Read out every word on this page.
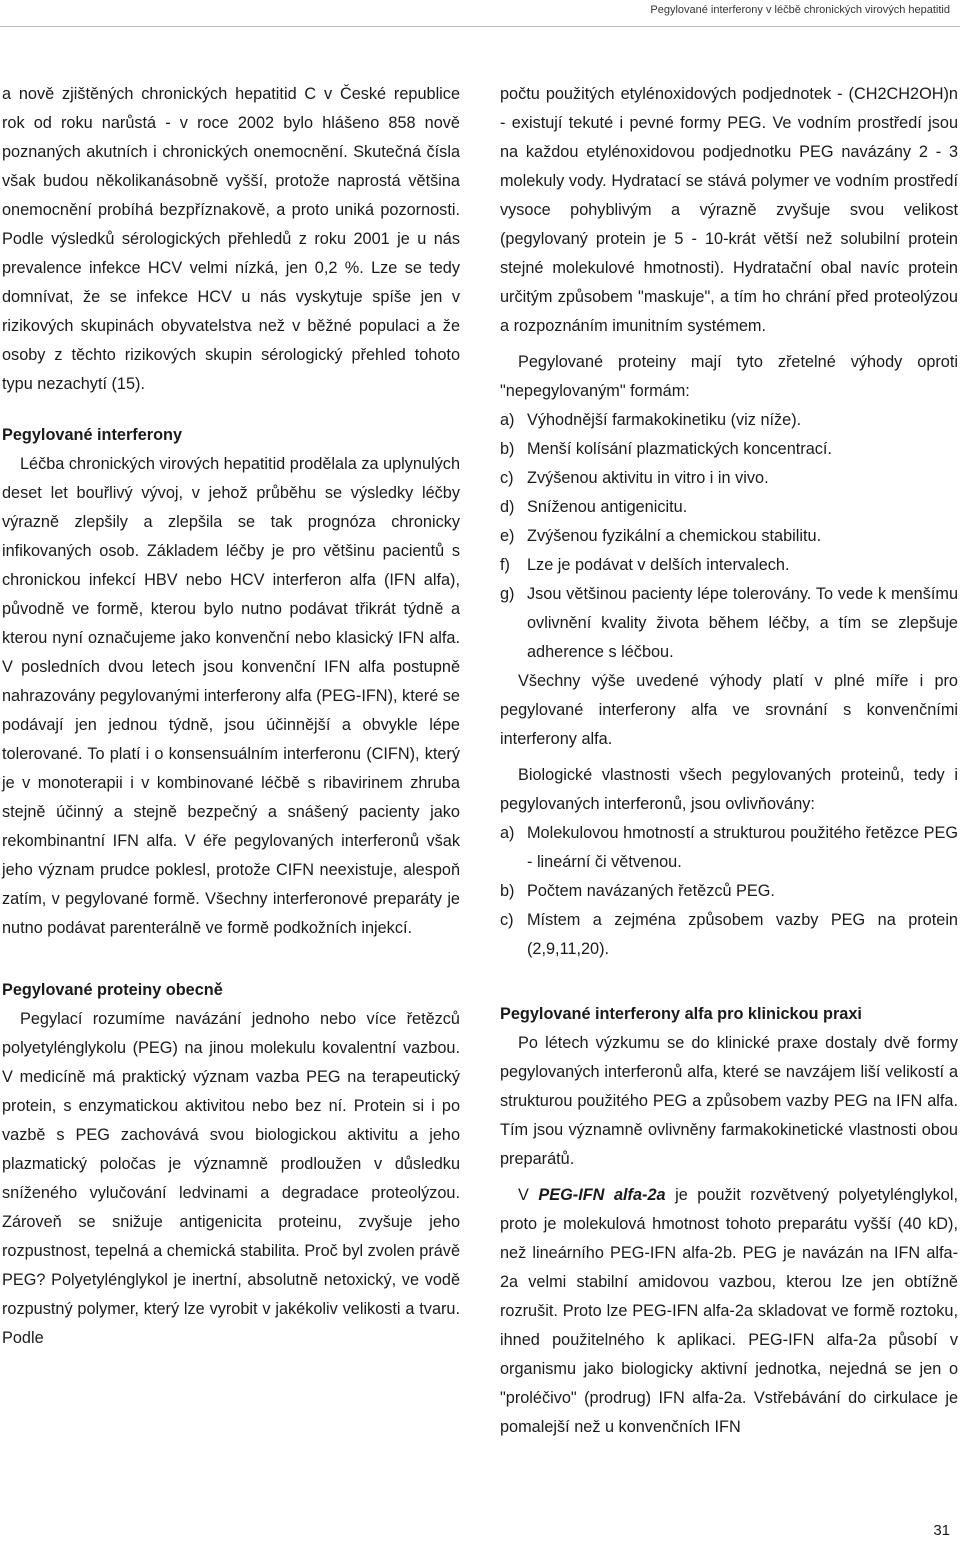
Pegylované interferony v léčbě chronických virových hepatitid

a nově zjištěných chronických hepatitid C v České republice rok od roku narůstá - v roce 2002 bylo hlášeno 858 nově poznaných akutních i chronických onemocnění. Skutečná čísla však budou několikanásobně vyšší, protože naprostá většina onemocnění probíhá bezpříznakově, a proto uniká pozornosti. Podle výsledků sérologických přehledů z roku 2001 je u nás prevalence infekce HCV velmi nízká, jen 0,2 %. Lze se tedy domnívat, že se infekce HCV u nás vyskytuje spíše jen v rizikových skupinách obyvatelstva než v běžné populaci a že osoby z těchto rizikových skupin sérologický přehled tohoto typu nezachytí (15).

Pegylované interferony

Léčba chronických virových hepatitid prodělala za uplynulých deset let bouřlivý vývoj, v jehož průběhu se výsledky léčby výrazně zlepšily a zlepšila se tak prognóza chronicky infikovaných osob. Základem léčby je pro většinu pacientů s chronickou infekcí HBV nebo HCV interferon alfa (IFN alfa), původně ve formě, kterou bylo nutno podávat třikrát týdně a kterou nyní označujeme jako konvenční nebo klasický IFN alfa. V posledních dvou letech jsou konvenční IFN alfa postupně nahrazovány pegylovanými interferony alfa (PEG-IFN), které se podávají jen jednou týdně, jsou účinnější a obvykle lépe tolerované. To platí i o konsensuálním interferonu (CIFN), který je v monoterapii i v kombinované léčbě s ribavirinem zhruba stejně účinný a stejně bezpečný a snášený pacienty jako rekombinantní IFN alfa. V éře pegylovaných interferonů však jeho význam prudce poklesl, protože CIFN neexistuje, alespoň zatím, v pegylované formě. Všechny interferonové preparáty je nutno podávat parenterálně ve formě podkožních injekcí.

Pegylované proteiny obecně

Pegylací rozumíme navázání jednoho nebo více řetězců polyetylénglykolu (PEG) na jinou molekulu kovalentní vazbou. V medicíně má praktický význam vazba PEG na terapeutický protein, s enzymatickou aktivitou nebo bez ní. Protein si i po vazbě s PEG zachovává svou biologickou aktivitu a jeho plazmatický poločas je významně prodloužen v důsledku sníženého vylučování ledvinami a degradace proteolýzou. Zároveň se snižuje antigenicita proteinu, zvyšuje jeho rozpustnost, tepelná a chemická stabilita. Proč byl zvolen právě PEG? Polyetylénglykol je inertní, absolutně netoxický, ve vodě rozpustný polymer, který lze vyrobit v jakékoliv velikosti a tvaru. Podle

počtu použitých etylénoxidových podjednotek - (CH2CH2OH)n - existují tekuté i pevné formy PEG. Ve vodním prostředí jsou na každou etylénoxidovou podjednotku PEG navázány 2 - 3 molekuly vody. Hydratací se stává polymer ve vodním prostředí vysoce pohyblivým a výrazně zvyšuje svou velikost (pegylovaný protein je 5 - 10-krát větší než solubilní protein stejné molekulové hmotnosti). Hydratační obal navíc protein určitým způsobem "maskuje", a tím ho chrání před proteolýzou a rozpoznáním imunitním systémem.

Pegylované proteiny mají tyto zřetelné výhody oproti "nepegylovaným" formám:

a) Výhodnější farmakokinetiku (viz níže).
b) Menší kolísání plazmatických koncentrací.
c) Zvýšenou aktivitu in vitro i in vivo.
d) Sníženou antigenicitu.
e) Zvýšenou fyzikální a chemickou stabilitu.
f)	Lze je podávat v delších intervalech.
g) Jsou většinou pacienty lépe tolerovány. To vede k menšímu ovlivnění kvality života během léčby, a tím se zlepšuje adherence s léčbou.

Všechny výše uvedené výhody platí v plné míře i pro pegylované interferony alfa ve srovnání s konvenčními interferony alfa.

Biologické vlastnosti všech pegylovaných proteinů, tedy i pegylovaných interferonů, jsou ovlivňovány:

a) Molekulovou hmotností a strukturou použitého řetězce PEG - lineární či větvenou.
b) Počtem navázaných řetězců PEG.
c) Místem a zejména způsobem vazby PEG na protein (2,9,11,20).
Pegylované interferony alfa pro klinickou praxi

Po létech výzkumu se do klinické praxe dostaly dvě formy pegylovaných interferonů alfa, které se navzájem liší velikostí a strukturou použitého PEG a způsobem vazby PEG na IFN alfa. Tím jsou významně ovlivněny farmakokinetické vlastnosti obou preparátů.

V PEG-IFN alfa-2a je použit rozvětvený polyetylénglykol, proto je molekulová hmotnost tohoto preparátu vyšší (40 kD), než lineárního PEG-IFN alfa-2b. PEG je navázán na IFN alfa-2a velmi stabilní amidovou vazbou, kterou lze jen obtížně rozrušit. Proto lze PEG-IFN alfa-2a skladovat ve formě roztoku, ihned použitelného k aplikaci. PEG-IFN alfa-2a působí v organismu jako biologicky aktivní jednotka, nejedná se jen o "proléčivo" (prodrug) IFN alfa-2a. Vstřebávání do cirkulace je pomalejší než u konvenčních IFN

31
